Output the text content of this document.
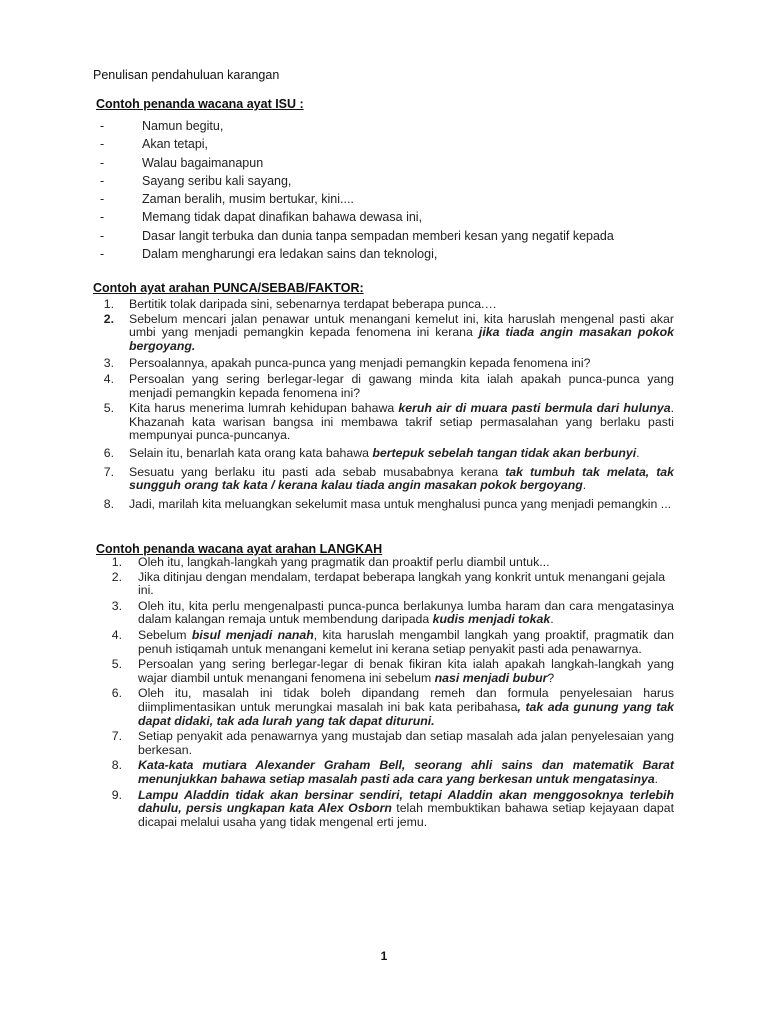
Penulisan pendahuluan karangan
Contoh penanda wacana ayat ISU :
-	Namun begitu,
-	Akan tetapi,
-	Walau bagaimanapun
-	Sayang seribu kali sayang,
-	Zaman beralih, musim bertukar, kini....
-	Memang tidak dapat dinafikan bahawa dewasa ini,
-	Dasar langit terbuka dan dunia tanpa sempadan memberi kesan yang negatif kepada
-	Dalam mengharungi era ledakan sains dan teknologi,
Contoh ayat arahan PUNCA/SEBAB/FAKTOR:
1. Bertitik tolak daripada sini, sebenarnya terdapat beberapa punca.…
2. Sebelum mencari jalan penawar untuk menangani kemelut ini, kita haruslah mengenal pasti akar umbi yang menjadi pemangkin kepada fenomena ini kerana jika tiada angin masakan pokok bergoyang.
3. Persoalannya, apakah punca-punca yang menjadi pemangkin kepada fenomena ini?
4. Persoalan yang sering berlegar-legar di gawang minda kita ialah apakah punca-punca yang menjadi pemangkin kepada fenomena ini?
5. Kita harus menerima lumrah kehidupan bahawa keruh air di muara pasti bermula dari hulunya. Khazanah kata warisan bangsa ini membawa takrif setiap permasalahan yang berlaku pasti mempunyai punca-puncanya.
6. Selain itu, benarlah kata orang kata bahawa bertepuk sebelah tangan tidak akan berbunyi.
7. Sesuatu yang berlaku itu pasti ada sebab musababnya kerana tak tumbuh tak melata, tak sungguh orang tak kata / kerana kalau tiada angin masakan pokok bergoyang.
8. Jadi, marilah kita meluangkan sekelumit masa untuk menghalusi punca yang menjadi pemangkin ...
Contoh penanda wacana ayat arahan LANGKAH
1. Oleh itu, langkah-langkah yang pragmatik dan proaktif perlu diambil untuk...
2. Jika ditinjau dengan mendalam, terdapat beberapa langkah yang konkrit untuk menangani gejala ini.
3. Oleh itu, kita perlu mengenalpasti punca-punca berlakunya lumba haram dan cara mengatasinya dalam kalangan remaja untuk membendung daripada kudis menjadi tokak.
4. Sebelum bisul menjadi nanah, kita haruslah mengambil langkah yang proaktif, pragmatik dan penuh istiqamah untuk menangani kemelut ini kerana setiap penyakit pasti ada penawarnya.
5. Persoalan yang sering berlegar-legar di benak fikiran kita ialah apakah langkah-langkah yang wajar diambil untuk menangani fenomena ini sebelum nasi menjadi bubur?
6. Oleh itu, masalah ini tidak boleh dipandang remeh dan formula penyelesaian harus diimplimentasikan untuk merungkai masalah ini bak kata peribahasa, tak ada gunung yang tak dapat didaki, tak ada lurah yang tak dapat dituruni.
7. Setiap penyakit ada penawarnya yang mustajab dan setiap masalah ada jalan penyelesaian yang berkesan.
8. Kata-kata mutiara Alexander Graham Bell, seorang ahli sains dan matematik Barat menunjukkan bahawa setiap masalah pasti ada cara yang berkesan untuk mengatasinya.
9. Lampu Aladdin tidak akan bersinar sendiri, tetapi Aladdin akan menggosoknya terlebih dahulu, persis ungkapan kata Alex Osborn telah membuktikan bahawa setiap kejayaan dapat dicapai melalui usaha yang tidak mengenal erti jemu.
1
